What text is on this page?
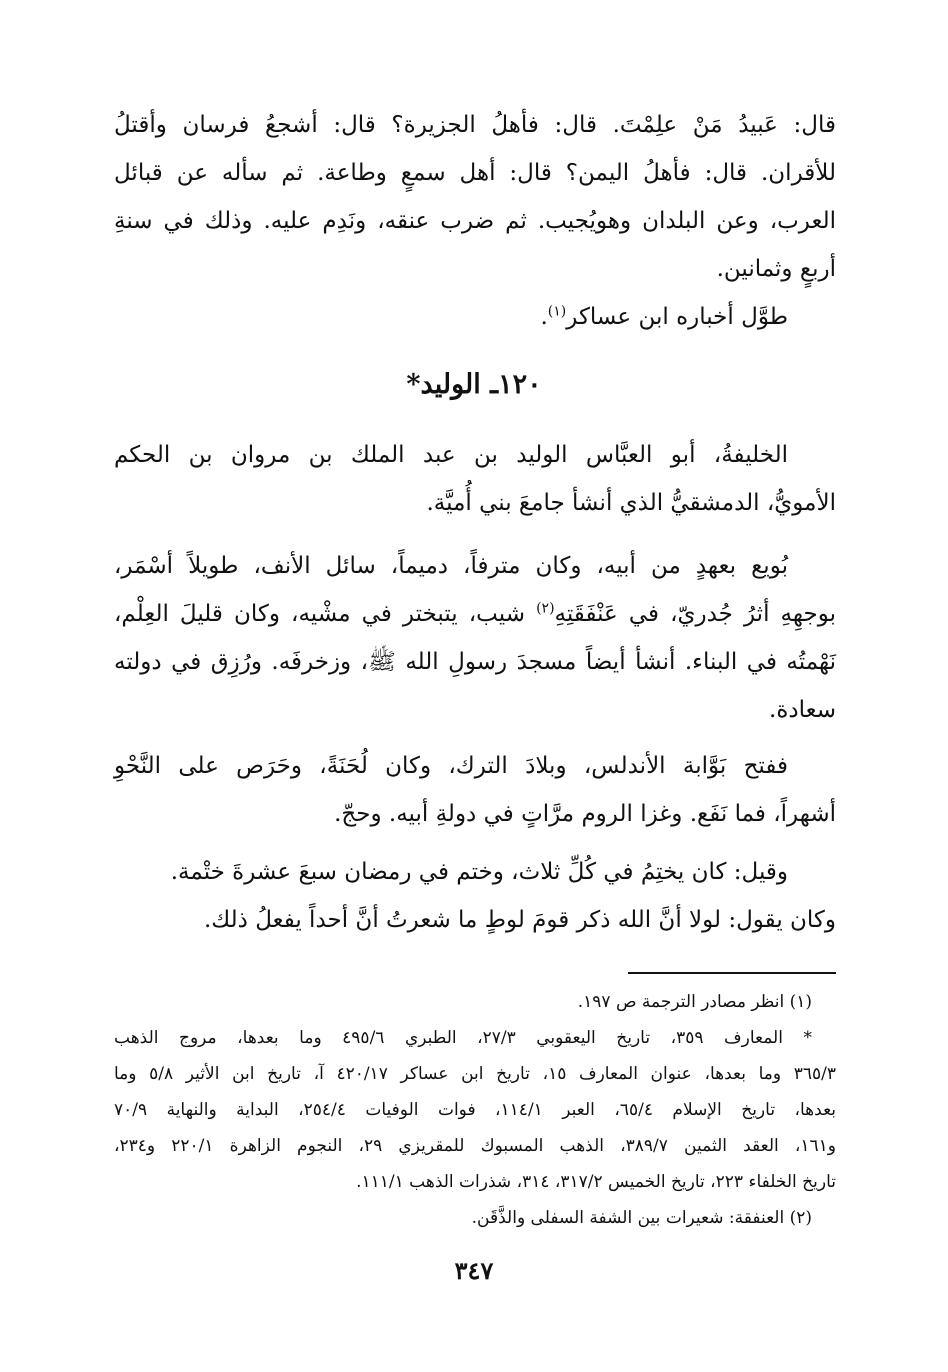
قال: عَبيدُ مَنْ علِمْتَ. قال: فأهلُ الجزيرة؟ قال: أشجعُ فرسان وأقتلُ
للأقران. قال: فأهلُ اليمن؟ قال: أهل سمعٍ وطاعة. ثم سأله عن قبائل
العرب، وعن البلدان وهويُجيب. ثم ضرب عنقه، ونَدِم عليه. وذلك في سنةِ
أربعٍ وثمانين.
طوَّل أخباره ابن عساكر$^{(١)}$.
١٢٠ـ الوليد*
الخليفةُ، أبو العبَّاس الوليد بن عبد الملك بن مروان بن الحكم
الأمويُّ، الدمشقيُّ الذي أنشأ جامعَ بني أُميَّة.
بُويع بعهدٍ من أبيه، وكان مترفاً، دميماً، سائل الأنف، طويلاً أسْمَر،
بوجهِهِ أثرُ جُدريّ، في عَنْفَقَتِهِ$^{(٢)}$ شيب، يتبختر في مشْيه، وكان قليلَ العِلْم،
نَهْمتُه في البناء. أنشأ أيضاً مسجدَ رسولِ الله ﷺ، وزخرفَه. ورُزِق في دولته
سعادة.
ففتح بَوَّابة الأندلس، وبلادَ الترك، وكان لُحَنَةً، وحَرَص على النَّحْوِ
أشهراً، فما نَفَع. وغزا الروم مرَّاتٍ في دولةِ أبيه. وحجّ.
وقيل: كان يختِمُ في كُلِّ ثلاث، وختم في رمضان سبعَ عشرةَ ختْمة.
وكان يقول: لولا أنَّ الله ذكر قومَ لوطٍ ما شعرتُ أنَّ أحداً يفعلُ ذلك.
(١) انظر مصادر الترجمة ص ١٩٧.
* المعارف ٣٥٩، تاريخ اليعقوبي ٢٧/٣، الطبري ٤٩٥/٦ وما بعدها، مروج الذهب
٣٦٥/٣ وما بعدها، عنوان المعارف ١٥، تاريخ ابن عساكر ٤٢٠/١٧ آ، تاريخ ابن الأثير ٥/٨ وما
بعدها، تاريخ الإسلام ٦٥/٤، العبر ١١٤/١، فوات الوفيات ٢٥٤/٤، البداية والنهاية ٧٠/٩
و١٦١، العقد الثمين ٣٨٩/٧، الذهب المسبوك للمقريزي ٢٩، النجوم الزاهرة ٢٢٠/١ و٢٣٤،
تاريخ الخلفاء ٢٢٣، تاريخ الخميس ٣١٧/٢، ٣١٤، شذرات الذهب ١١١/١.
(٢) العنفقة: شعيرات بين الشفة السفلى والذَّقَن.
٣٤٧
